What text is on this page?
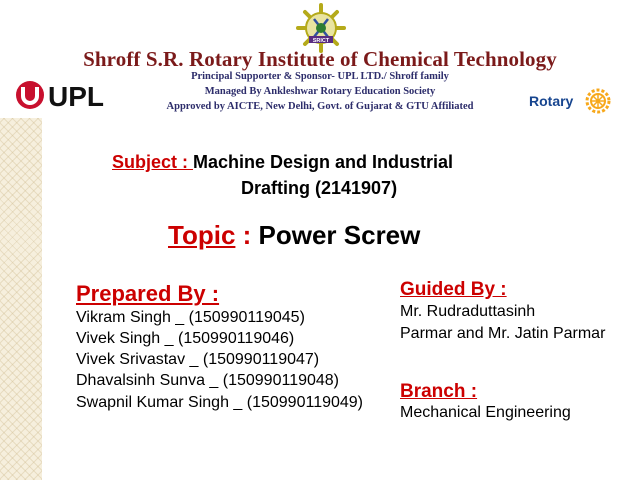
SRICT
Shroff S.R. Rotary Institute of Chemical Technology
Principal Supporter & Sponsor- UPL LTD./ Shroff family
Managed By Ankleshwar Rotary Education Society
Approved by AICTE, New Delhi, Govt. of Gujarat & GTU Affiliated
UPL	Rotary
Subject : Machine Design and Industrial
Drafting (2141907)
Topic : Power Screw
Prepared By :
Vikram Singh _ (150990119045)
Vivek Singh _ (150990119046)
Vivek Srivastav _ (150990119047)
Dhavalsinh Sunva _ (150990119048)
Swapnil Kumar Singh _ (150990119049)
Guided By :
Mr. Rudraduttasinh
Parmar and Mr. Jatin Parmar
Branch :
Mechanical Engineering
